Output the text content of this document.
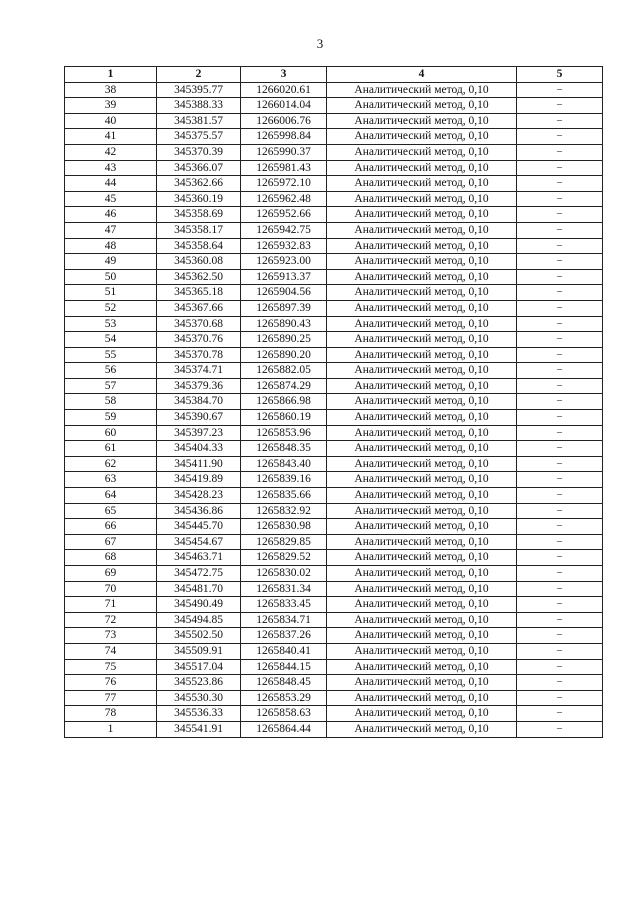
3
1	2	3	4	5
38	345395.77	1266020.61	Аналитический метод, 0,10	–
39	345388.33	1266014.04	Аналитический метод, 0,10	–
40	345381.57	1266006.76	Аналитический метод, 0,10	–
41	345375.57	1265998.84	Аналитический метод, 0,10	–
42	345370.39	1265990.37	Аналитический метод, 0,10	–
43	345366.07	1265981.43	Аналитический метод, 0,10	–
44	345362.66	1265972.10	Аналитический метод, 0,10	–
45	345360.19	1265962.48	Аналитический метод, 0,10	–
46	345358.69	1265952.66	Аналитический метод, 0,10	–
47	345358.17	1265942.75	Аналитический метод, 0,10	–
48	345358.64	1265932.83	Аналитический метод, 0,10	–
49	345360.08	1265923.00	Аналитический метод, 0,10	–
50	345362.50	1265913.37	Аналитический метод, 0,10	–
51	345365.18	1265904.56	Аналитический метод, 0,10	–
52	345367.66	1265897.39	Аналитический метод, 0,10	–
53	345370.68	1265890.43	Аналитический метод, 0,10	–
54	345370.76	1265890.25	Аналитический метод, 0,10	–
55	345370.78	1265890.20	Аналитический метод, 0,10	–
56	345374.71	1265882.05	Аналитический метод, 0,10	–
57	345379.36	1265874.29	Аналитический метод, 0,10	–
58	345384.70	1265866.98	Аналитический метод, 0,10	–
59	345390.67	1265860.19	Аналитический метод, 0,10	–
60	345397.23	1265853.96	Аналитический метод, 0,10	–
61	345404.33	1265848.35	Аналитический метод, 0,10	–
62	345411.90	1265843.40	Аналитический метод, 0,10	–
63	345419.89	1265839.16	Аналитический метод, 0,10	–
64	345428.23	1265835.66	Аналитический метод, 0,10	–
65	345436.86	1265832.92	Аналитический метод, 0,10	–
66	345445.70	1265830.98	Аналитический метод, 0,10	–
67	345454.67	1265829.85	Аналитический метод, 0,10	–
68	345463.71	1265829.52	Аналитический метод, 0,10	–
69	345472.75	1265830.02	Аналитический метод, 0,10	–
70	345481.70	1265831.34	Аналитический метод, 0,10	–
71	345490.49	1265833.45	Аналитический метод, 0,10	–
72	345494.85	1265834.71	Аналитический метод, 0,10	–
73	345502.50	1265837.26	Аналитический метод, 0,10	–
74	345509.91	1265840.41	Аналитический метод, 0,10	–
75	345517.04	1265844.15	Аналитический метод, 0,10	–
76	345523.86	1265848.45	Аналитический метод, 0,10	–
77	345530.30	1265853.29	Аналитический метод, 0,10	–
78	345536.33	1265858.63	Аналитический метод, 0,10	–
1	345541.91	1265864.44	Аналитический метод, 0,10	–
